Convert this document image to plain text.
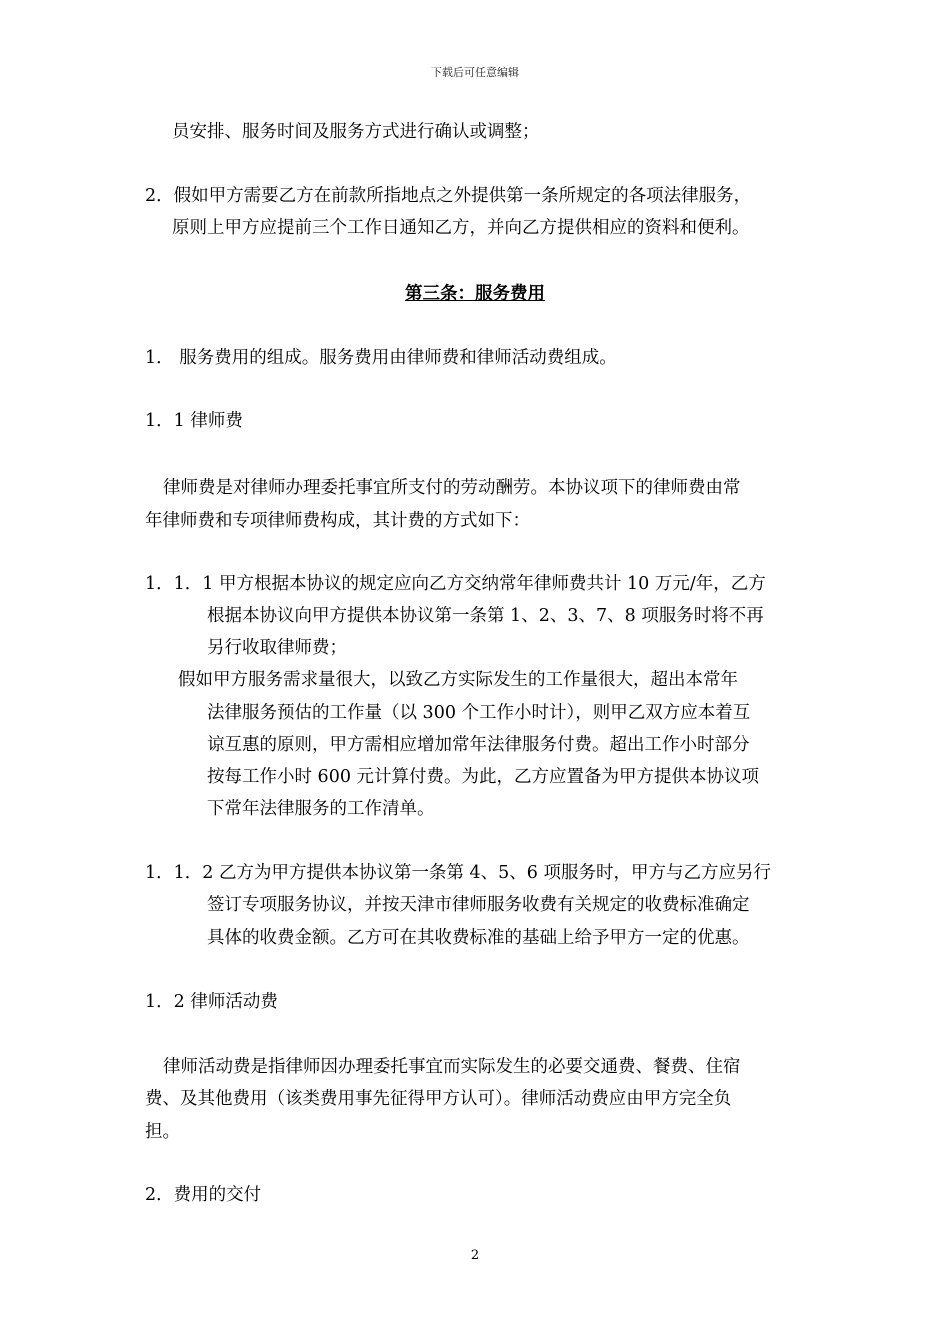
下载后可任意编辑
员安排、服务时间及服务方式进行确认或调整；
2．假如甲方需要乙方在前款所指地点之外提供第一条所规定的各项法律服务，
原则上甲方应提前三个工作日通知乙方，并向乙方提供相应的资料和便利。
第三条：服务费用
1． 服务费用的组成。服务费用由律师费和律师活动费组成。
1．1 律师费
律师费是对律师办理委托事宜所支付的劳动酬劳。本协议项下的律师费由常
年律师费和专项律师费构成，其计费的方式如下：
1．1．1 甲方根据本协议的规定应向乙方交纳常年律师费共计 10 万元/年，乙方
根据本协议向甲方提供本协议第一条第 1、2、3、7、8 项服务时将不再
另行收取律师费；
假如甲方服务需求量很大，以致乙方实际发生的工作量很大，超出本常年
法律服务预估的工作量（以 300 个工作小时计），则甲乙双方应本着互
谅互惠的原则，甲方需相应增加常年法律服务付费。超出工作小时部分
按每工作小时 600 元计算付费。为此，乙方应置备为甲方提供本协议项
下常年法律服务的工作清单。
1．1．2 乙方为甲方提供本协议第一条第 4、5、6 项服务时，甲方与乙方应另行
签订专项服务协议，并按天津市律师服务收费有关规定的收费标准确定
具体的收费金额。乙方可在其收费标准的基础上给予甲方一定的优惠。
1．2 律师活动费
律师活动费是指律师因办理委托事宜而实际发生的必要交通费、餐费、住宿
费、及其他费用（该类费用事先征得甲方认可）。律师活动费应由甲方完全负
担。
2．费用的交付
2
